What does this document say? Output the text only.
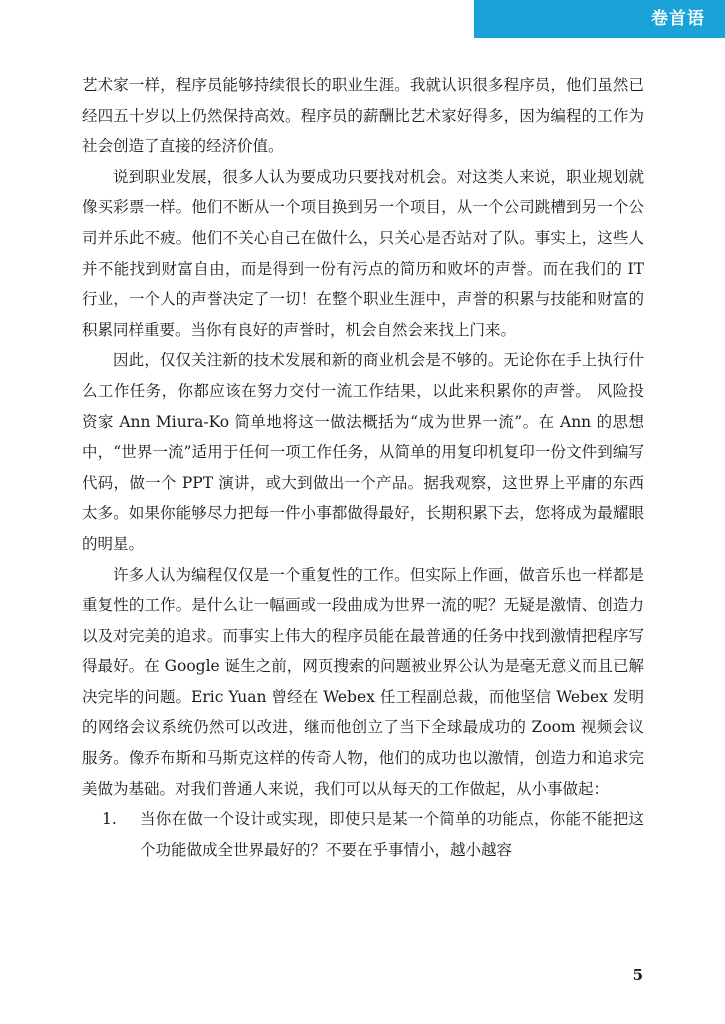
卷首语

艺术家一样，程序员能够持续很长的职业生涯。我就认识很多程序员，他们虽然已经四五十岁以上仍然保持高效。程序员的薪酬比艺术家好得多，因为编程的工作为社会创造了直接的经济价值。

说到职业发展，很多人认为要成功只要找对机会。对这类人来说，职业规划就像买彩票一样。他们不断从一个项目换到另一个项目，从一个公司跳槽到另一个公司并乐此不疲。他们不关心自己在做什么，只关心是否站对了队。事实上，这些人并不能找到财富自由，而是得到一份有污点的简历和败坏的声誉。而在我们的 IT 行业，一个人的声誉决定了一切！在整个职业生涯中，声誉的积累与技能和财富的积累同样重要。当你有良好的声誉时，机会自然会来找上门来。

因此，仅仅关注新的技术发展和新的商业机会是不够的。无论你在手上执行什么工作任务，你都应该在努力交付一流工作结果，以此来积累你的声誉。 风险投资家 Ann Miura-Ko 简单地将这一做法概括为“成为世界一流”。在 Ann 的思想中，“世界一流”适用于任何一项工作任务，从简单的用复印机复印一份文件到编写代码，做一个 PPT 演讲，或大到做出一个产品。据我观察，这世界上平庸的东西太多。如果你能够尽力把每一件小事都做得最好，长期积累下去，您将成为最耀眼的明星。

许多人认为编程仅仅是一个重复性的工作。但实际上作画，做音乐也一样都是重复性的工作。是什么让一幅画或一段曲成为世界一流的呢？无疑是激情、创造力以及对完美的追求。而事实上伟大的程序员能在最普通的任务中找到激情把程序写得最好。在 Google 诞生之前，网页搜索的问题被业界公认为是毫无意义而且已解决完毕的问题。Eric Yuan 曾经在 Webex 任工程副总裁，而他坚信 Webex 发明的网络会议系统仍然可以改进，继而他创立了当下全球最成功的 Zoom 视频会议服务。像乔布斯和马斯克这样的传奇人物，他们的成功也以激情，创造力和追求完美做为基础。对我们普通人来说，我们可以从每天的工作做起，从小事做起：

1.	当你在做一个设计或实现，即使只是某一个简单的功能点，你能不能把这个功能做成全世界最好的？不要在乎事情小，越小越容
5
